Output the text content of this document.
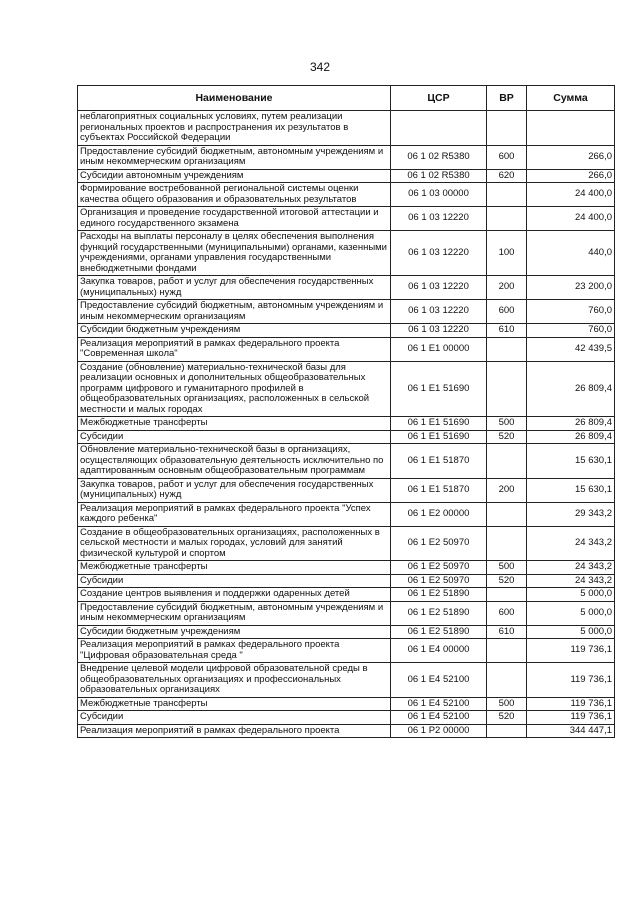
342
Наименование	ЦСР	ВР	Сумма
неблагоприятных социальных условиях, путем реализации региональных проектов и распространения их результатов в субъектах Российской Федерации			
Предоставление субсидий бюджетным, автономным учреждениям и иным некоммерческим организациям	06 1 02 R5380	600	266,0
Субсидии автономным учреждениям	06 1 02 R5380	620	266,0
Формирование востребованной региональной системы оценки качества общего образования и образовательных результатов	06 1 03 00000		24 400,0
Организация и проведение государственной итоговой аттестации и единого государственного экзамена	06 1 03 12220		24 400,0
Расходы на выплаты персоналу в целях обеспечения выполнения функций государственными (муниципальными) органами, казенными учреждениями, органами управления государственными внебюджетными фондами	06 1 03 12220	100	440,0
Закупка товаров, работ и услуг для обеспечения государственных (муниципальных) нужд	06 1 03 12220	200	23 200,0
Предоставление субсидий бюджетным, автономным учреждениям и иным некоммерческим организациям	06 1 03 12220	600	760,0
Субсидии бюджетным учреждениям	06 1 03 12220	610	760,0
Реализация мероприятий в рамках федерального проекта "Современная школа"	06 1 E1 00000		42 439,5
Создание (обновление) материально-технической базы для реализации основных и дополнительных общеобразовательных программ цифрового и гуманитарного профилей в общеобразовательных организациях, расположенных в сельской местности и малых городах	06 1 E1 51690		26 809,4
Межбюджетные трансферты	06 1 E1 51690	500	26 809,4
Субсидии	06 1 E1 51690	520	26 809,4
Обновление материально-технической базы в организациях, осуществляющих образовательную деятельность исключительно по адаптированным основным общеобразовательным программам	06 1 E1 51870		15 630,1
Закупка товаров, работ и услуг для обеспечения государственных (муниципальных) нужд	06 1 E1 51870	200	15 630,1
Реализация мероприятий в рамках федерального проекта "Успех каждого ребенка"	06 1 E2 00000		29 343,2
Создание в общеобразовательных организациях, расположенных в сельской местности и малых городах, условий для занятий физической культурой и спортом	06 1 E2 50970		24 343,2
Межбюджетные трансферты	06 1 E2 50970	500	24 343,2
Субсидии	06 1 E2 50970	520	24 343,2
Создание центров выявления и поддержки одаренных детей	06 1 E2 51890		5 000,0
Предоставление субсидий бюджетным, автономным учреждениям и иным некоммерческим организациям	06 1 E2 51890	600	5 000,0
Субсидии бюджетным учреждениям	06 1 E2 51890	610	5 000,0
Реализация мероприятий в рамках федерального проекта "Цифровая образовательная среда "	06 1 E4 00000		119 736,1
Внедрение целевой модели цифровой образовательной среды в общеобразовательных организациях и профессиональных образовательных организациях	06 1 E4 52100		119 736,1
Межбюджетные трансферты	06 1 E4 52100	500	119 736,1
Субсидии	06 1 E4 52100	520	119 736,1
Реализация мероприятий в рамках федерального проекта	06 1 P2 00000		344 447,1
